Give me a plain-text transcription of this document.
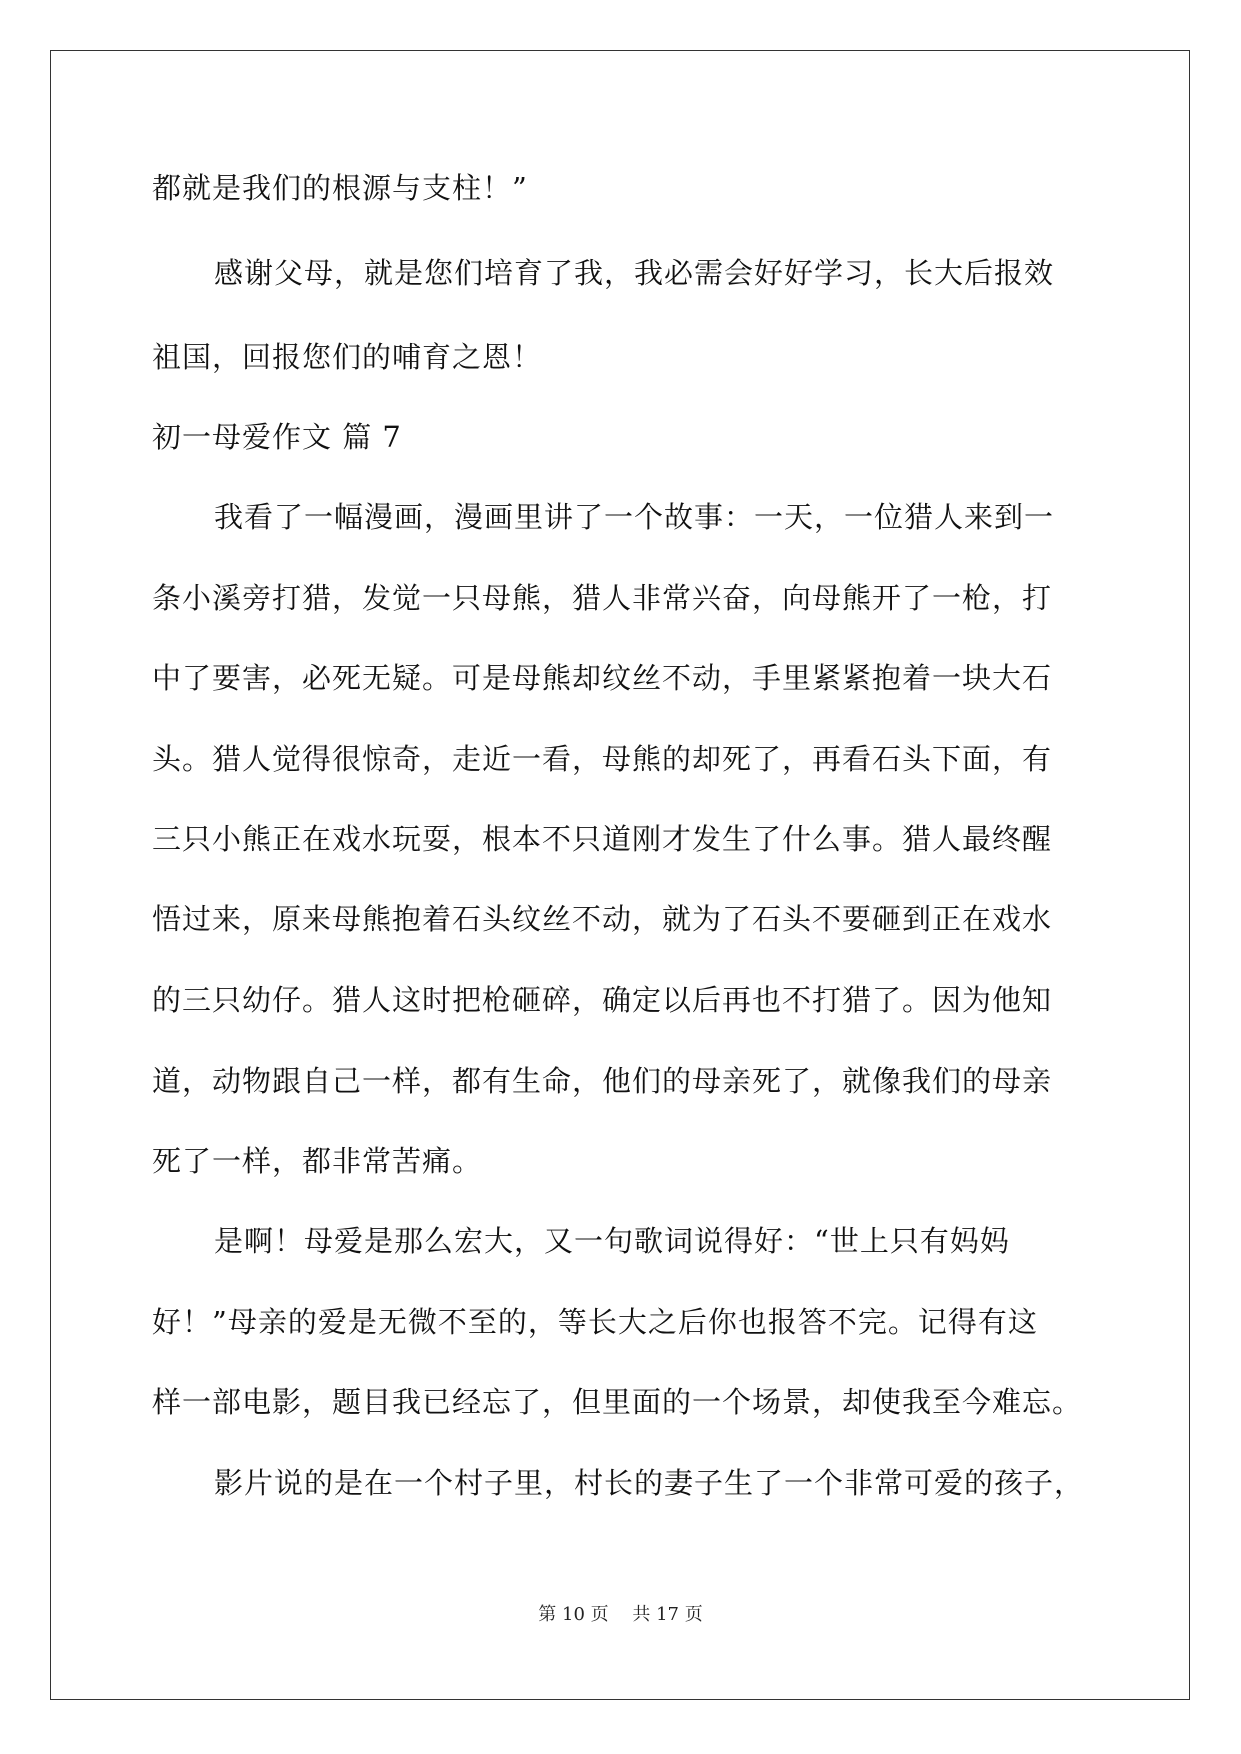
都就是我们的根源与支柱！”
感谢父母，就是您们培育了我，我必需会好好学习，长大后报效
祖国，回报您们的哺育之恩！
初一母爱作文 篇 7
我看了一幅漫画，漫画里讲了一个故事：一天，一位猎人来到一
条小溪旁打猎，发觉一只母熊，猎人非常兴奋，向母熊开了一枪，打
中了要害，必死无疑。可是母熊却纹丝不动，手里紧紧抱着一块大石
头。猎人觉得很惊奇，走近一看，母熊的却死了，再看石头下面，有
三只小熊正在戏水玩耍，根本不只道刚才发生了什么事。猎人最终醒
悟过来，原来母熊抱着石头纹丝不动，就为了石头不要砸到正在戏水
的三只幼仔。猎人这时把枪砸碎，确定以后再也不打猎了。因为他知
道，动物跟自己一样，都有生命，他们的母亲死了，就像我们的母亲
死了一样，都非常苦痛。
是啊！母爱是那么宏大，又一句歌词说得好：“世上只有妈妈
好！”母亲的爱是无微不至的，等长大之后你也报答不完。记得有这
样一部电影，题目我已经忘了，但里面的一个场景，却使我至今难忘。
影片说的是在一个村子里，村长的妻子生了一个非常可爱的孩子，
第 10 页　 共 17 页
